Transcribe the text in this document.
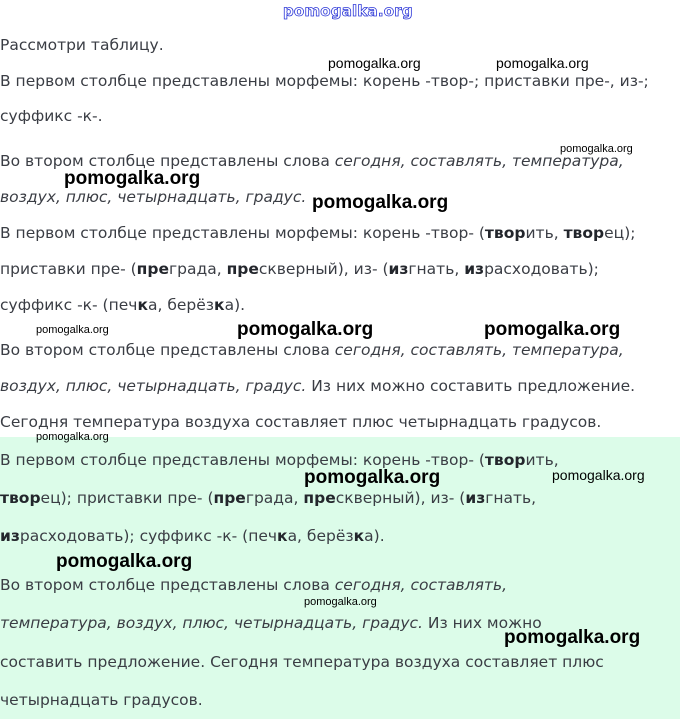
pomogalka.org

Рассмотри таблицу.

В первом столбце представлены морфемы: корень -твор-; приставки пре-, из-;

суффикс -к-.

Во втором столбце представлены слова сегодня, составлять, температура,

воздух, плюс, четырнадцать, градус.

В первом столбце представлены морфемы: корень -твор- (творить, творец);

приставки пре- (преграда, прескверный), из- (изгнать, израсходовать);

суффикс -к- (печка, берёзка).

Во втором столбце представлены слова сегодня, составлять, температура,

воздух, плюс, четырнадцать, градус. Из них можно составить предложение.

Сегодня температура воздуха составляет плюс четырнадцать градусов.

В первом столбце представлены морфемы: корень -твор- (творить,

творец); приставки пре- (преграда, прескверный), из- (изгнать,

израсходовать); суффикс -к- (печка, берёзка).

Во втором столбце представлены слова сегодня, составлять,

температура, воздух, плюс, четырнадцать, градус. Из них можно

составить предложение. Сегодня температура воздуха составляет плюс

четырнадцать градусов.

pomogalka.org	pomogalka.org
pomogalka.org
pomogalka.org
pomogalka.org
pomogalka.org	pomogalka.org	pomogalka.org
pomogalka.org
pomogalka.org
pomogalka.org
pomogalka.org
pomogalka.org
pomogalka.org
